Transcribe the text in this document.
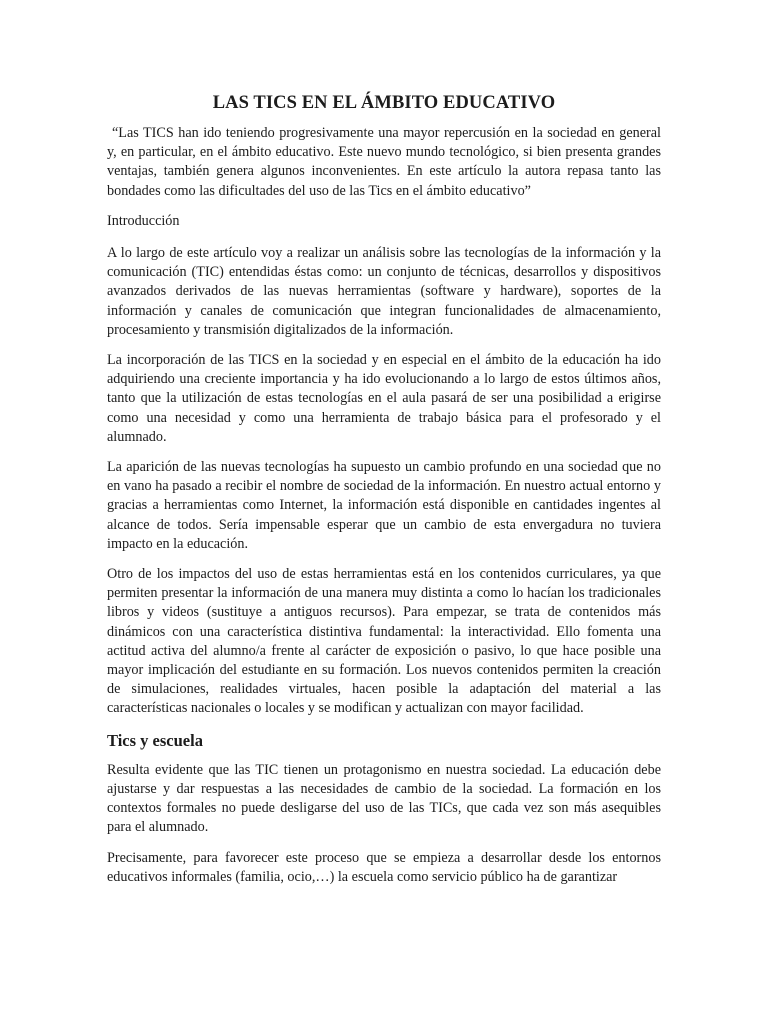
LAS TICS EN EL ÁMBITO EDUCATIVO

“Las TICS han ido teniendo progresivamente una mayor repercusión en la sociedad en general y, en particular, en el ámbito educativo. Este nuevo mundo tecnológico, si bien presenta grandes ventajas, también genera algunos inconvenientes. En este artículo la autora repasa tanto las bondades como las dificultades del uso de las Tics en el ámbito educativo”

Introducción

A lo largo de este artículo voy a realizar un análisis sobre las tecnologías de la información y la comunicación (TIC) entendidas éstas como: un conjunto de técnicas, desarrollos y dispositivos avanzados derivados de las nuevas herramientas (software y hardware), soportes de la información y canales de comunicación que integran funcionalidades de almacenamiento, procesamiento y transmisión digitalizados de la información.

La incorporación de las TICS en la sociedad y en especial en el ámbito de la educación ha ido adquiriendo una creciente importancia y ha ido evolucionando a lo largo de estos últimos años, tanto que la utilización de estas tecnologías en el aula pasará de ser una posibilidad a erigirse como una necesidad y como una herramienta de trabajo básica para el profesorado y el alumnado.

La aparición de las nuevas tecnologías ha supuesto un cambio profundo en una sociedad que no en vano ha pasado a recibir el nombre de sociedad de la información. En nuestro actual entorno y gracias a herramientas como Internet, la información está disponible en cantidades ingentes al alcance de todos. Sería impensable esperar que un cambio de esta envergadura no tuviera impacto en la educación.

Otro de los impactos del uso de estas herramientas está en los contenidos curriculares, ya que permiten presentar la información de una manera muy distinta a como lo hacían los tradicionales libros y videos (sustituye a antiguos recursos). Para empezar, se trata de contenidos más dinámicos con una característica distintiva fundamental: la interactividad. Ello fomenta una actitud activa del alumno/a frente al carácter de exposición o pasivo, lo que hace posible una mayor implicación del estudiante en su formación. Los nuevos contenidos permiten la creación de simulaciones, realidades virtuales, hacen posible la adaptación del material a las características nacionales o locales y se modifican y actualizan con mayor facilidad.

Tics y escuela

Resulta evidente que las TIC tienen un protagonismo en nuestra sociedad. La educación debe ajustarse y dar respuestas a las necesidades de cambio de la sociedad. La formación en los contextos formales no puede desligarse del uso de las TICs, que cada vez son más asequibles para el alumnado.

Precisamente, para favorecer este proceso que se empieza a desarrollar desde los entornos educativos informales (familia, ocio,…) la escuela como servicio público ha de garantizar
